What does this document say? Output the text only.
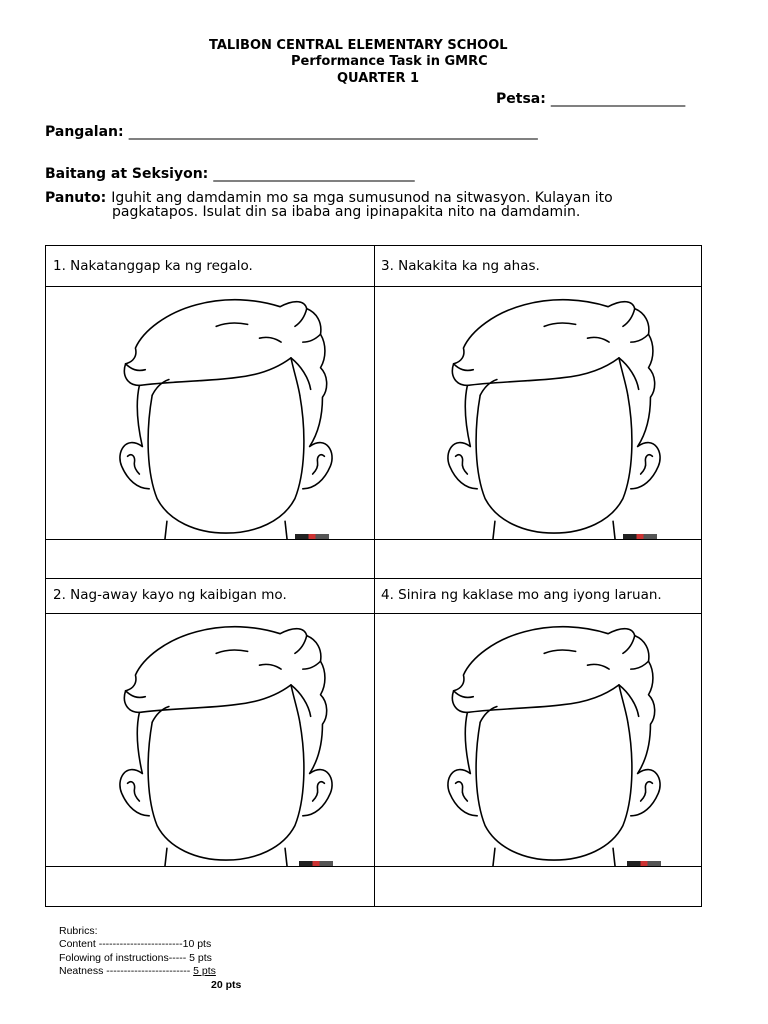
TALIBON CENTRAL ELEMENTARY SCHOOL
Performance Task in GMRC
QUARTER 1
Petsa: ____________________
Pangalan: _____________________________________________________________
Baitang at Seksiyon: ______________________________
Panuto: Iguhit ang damdamin mo sa mga sumusunod na sitwasyon. Kulayan ito
pagkatapos. Isulat din sa ibaba ang ipinapakita nito na damdamin.
1. Nakatanggap ka ng regalo.	3. Nakakita ka ng ahas.
2. Nag-away kayo ng kaibigan mo.	4. Sinira ng kaklase mo ang iyong laruan.
Rubrics:
Content ------------------------10 pts
Folowing of instructions----- 5 pts
Neatness ------------------------ 5 pts
20 pts
